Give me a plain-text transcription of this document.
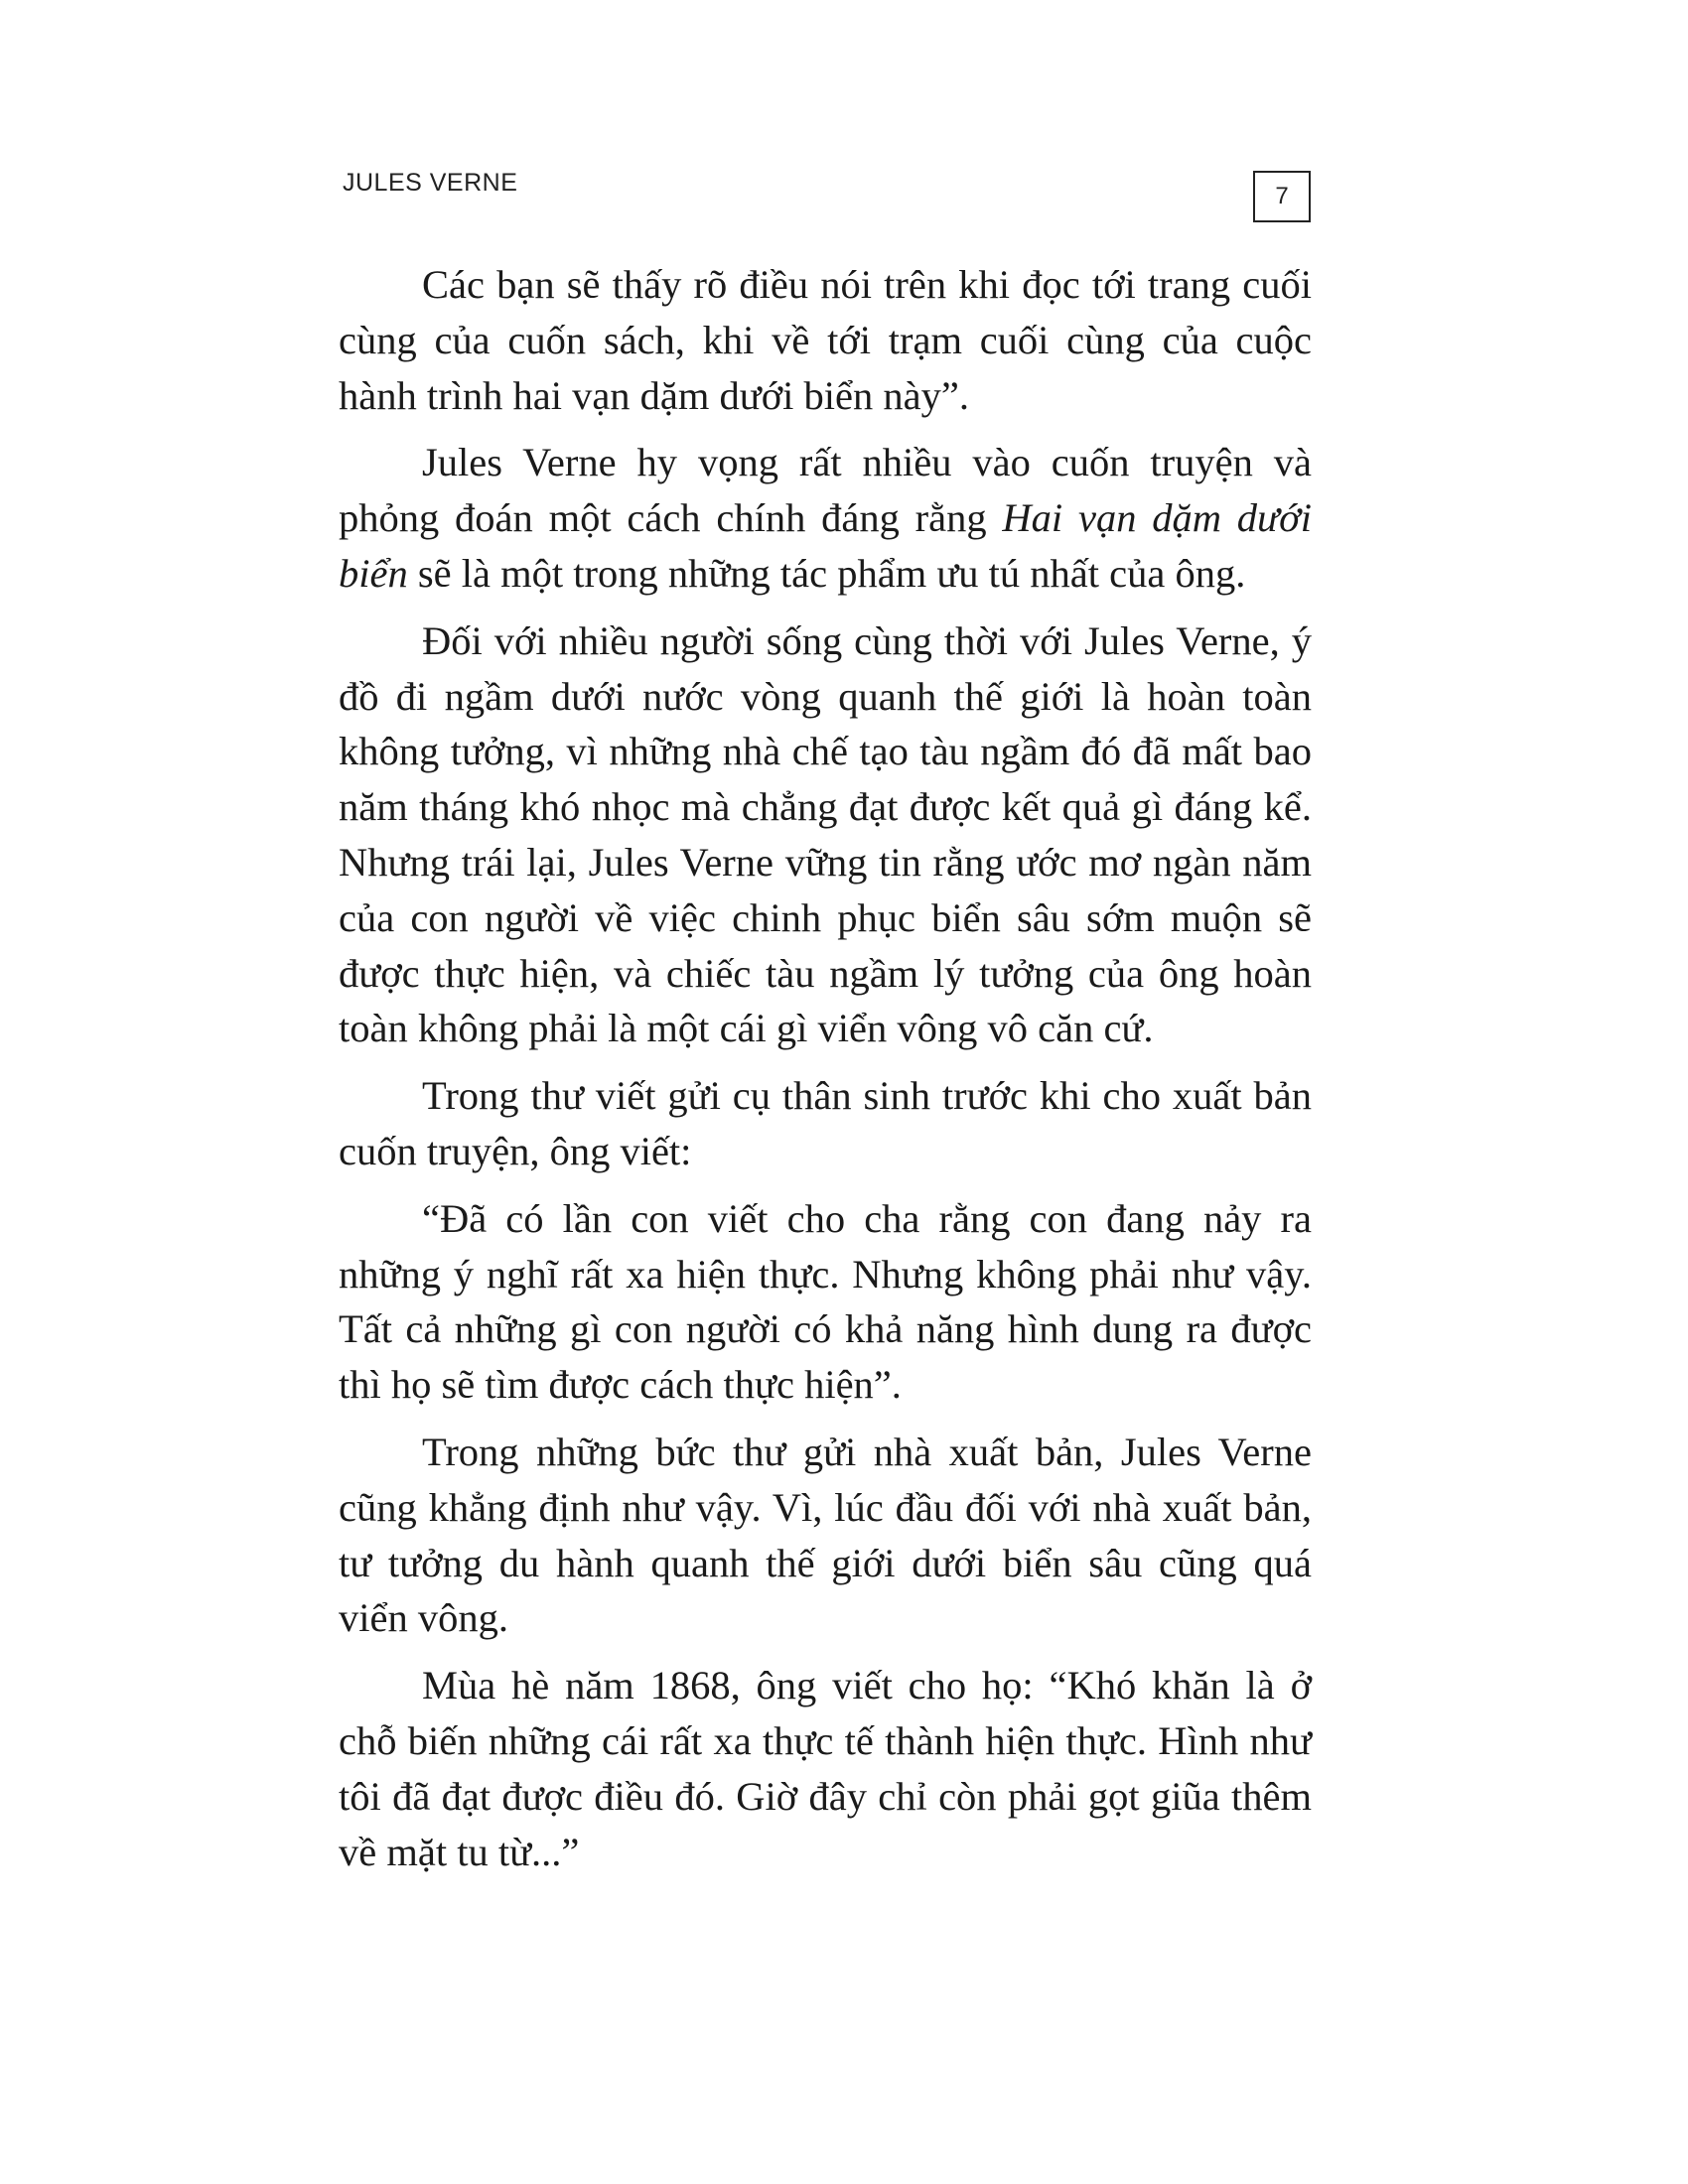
JULES VERNE	7

Các bạn sẽ thấy rõ điều nói trên khi đọc tới trang cuối cùng của cuốn sách, khi về tới trạm cuối cùng của cuộc hành trình hai vạn dặm dưới biển này”.

Jules Verne hy vọng rất nhiều vào cuốn truyện và phỏng đoán một cách chính đáng rằng Hai vạn dặm dưới biển sẽ là một trong những tác phẩm ưu tú nhất của ông.

Đối với nhiều người sống cùng thời với Jules Verne, ý đồ đi ngầm dưới nước vòng quanh thế giới là hoàn toàn không tưởng, vì những nhà chế tạo tàu ngầm đó đã mất bao năm tháng khó nhọc mà chẳng đạt được kết quả gì đáng kể. Nhưng trái lại, Jules Verne vững tin rằng ước mơ ngàn năm của con người về việc chinh phục biển sâu sớm muộn sẽ được thực hiện, và chiếc tàu ngầm lý tưởng của ông hoàn toàn không phải là một cái gì viển vông vô căn cứ.

Trong thư viết gửi cụ thân sinh trước khi cho xuất bản cuốn truyện, ông viết:

“Đã có lần con viết cho cha rằng con đang nảy ra những ý nghĩ rất xa hiện thực. Nhưng không phải như vậy. Tất cả những gì con người có khả năng hình dung ra được thì họ sẽ tìm được cách thực hiện”.

Trong những bức thư gửi nhà xuất bản, Jules Verne cũng khẳng định như vậy. Vì, lúc đầu đối với nhà xuất bản, tư tưởng du hành quanh thế giới dưới biển sâu cũng quá viển vông.

Mùa hè năm 1868, ông viết cho họ: “Khó khăn là ở chỗ biến những cái rất xa thực tế thành hiện thực. Hình như tôi đã đạt được điều đó. Giờ đây chỉ còn phải gọt giũa thêm về mặt tu từ...”
